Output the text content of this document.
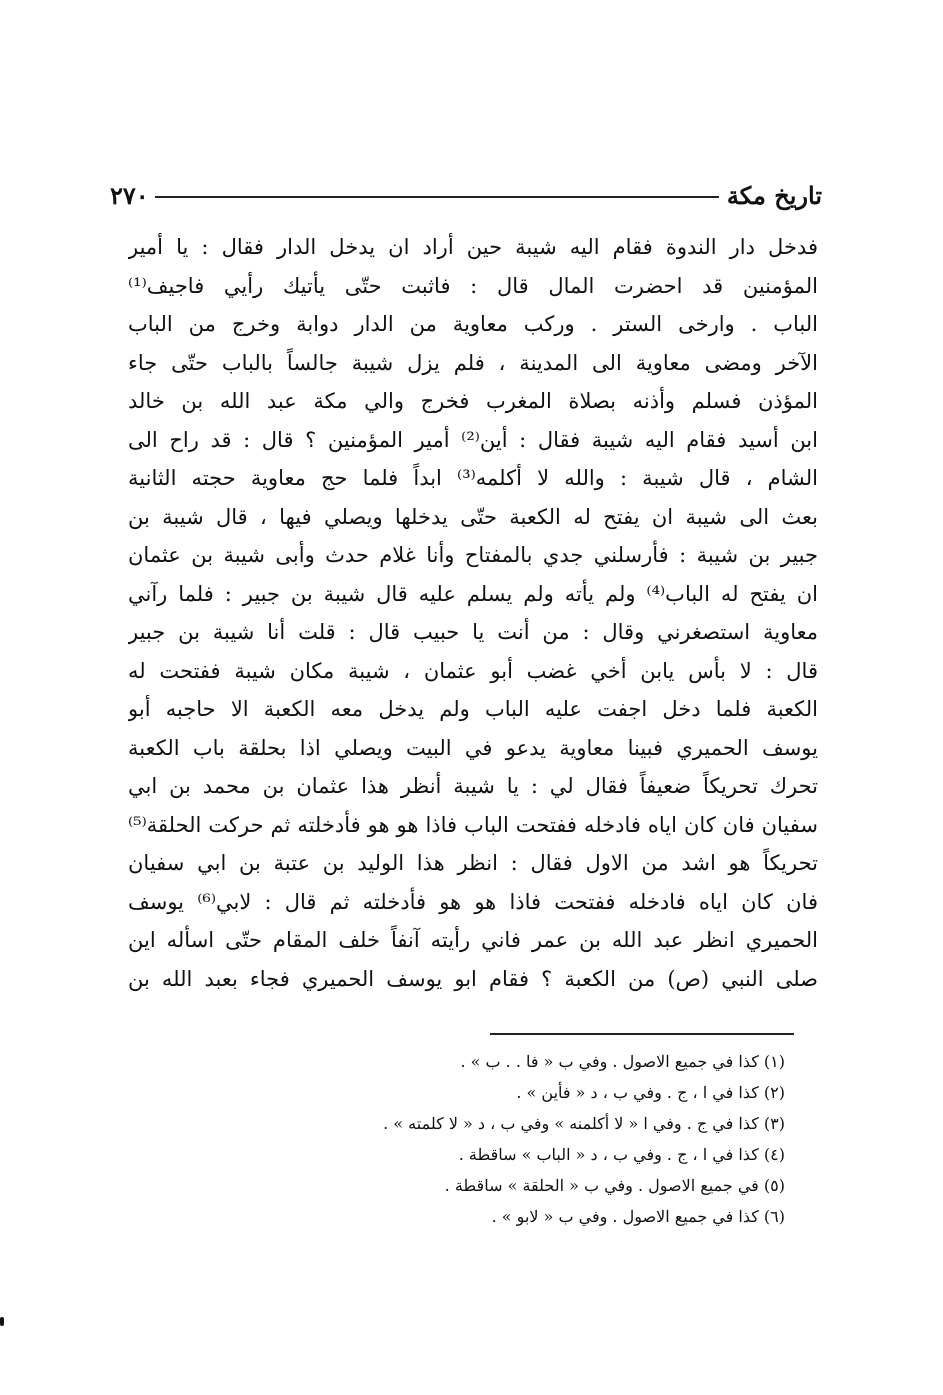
٢٧٠	تاريخ مكة
فدخل دار الندوة فقام اليه شيبة حين أراد ان يدخل الدار فقال : يا أمير
المؤمنين قد احضرت المال قال : فاثبت حتّى يأتيك رأيي فاجيف⁽¹⁾
الباب . وارخى الستر . وركب معاوية من الدار دوابة وخرج من الباب
الآخر ومضى معاوية الى المدينة ، فلم يزل شيبة جالساً بالباب حتّى جاء
المؤذن فسلم وأذنه بصلاة المغرب فخرج والي مكة عبد الله بن خالد
ابن أسيد فقام اليه شيبة فقال : أين⁽²⁾ أمير المؤمنين ؟ قال : قد راح الى
الشام ، قال شيبة : والله لا أكلمه⁽³⁾ ابداً فلما حج معاوية حجته الثانية
بعث الى شيبة ان يفتح له الكعبة حتّى يدخلها ويصلي فيها ، قال شيبة بن
جبير بن شيبة : فأرسلني جدي بالمفتاح وأنا غلام حدث وأبى شيبة بن عثمان
ان يفتح له الباب⁽⁴⁾ ولم يأته ولم يسلم عليه قال شيبة بن جبير : فلما رآني
معاوية استصغرني وقال : من أنت يا حبيب قال : قلت أنا شيبة بن جبير
قال : لا بأس يابن أخي غضب أبو عثمان ، شيبة مكان شيبة ففتحت له
الكعبة فلما دخل اجفت عليه الباب ولم يدخل معه الكعبة الا حاجبه أبو
يوسف الحميري فبينا معاوية يدعو في البيت ويصلي اذا بحلقة باب الكعبة
تحرك تحريكاً ضعيفاً فقال لي : يا شيبة أنظر هذا عثمان بن محمد بن ابي
سفيان فان كان اياه فادخله ففتحت الباب فاذا هو هو فأدخلته ثم حركت الحلقة⁽⁵⁾
تحريكاً هو اشد من الاول فقال : انظر هذا الوليد بن عتبة بن ابي سفيان
فان كان اياه فادخله ففتحت فاذا هو هو فأدخلته ثم قال : لابي⁽⁶⁾ يوسف
الحميري انظر عبد الله بن عمر فاني رأيته آنفاً خلف المقام حتّى اسأله اين
صلى النبي (ص) من الكعبة ؟ فقام ابو يوسف الحميري فجاء بعبد الله بن
(١) كذا في جميع الاصول . وفي ب « فا . . ب » .
(٢) كذا في ا ، ج . وفي ب ، د « فأين » .
(٣) كذا في ج . وفي ا « لا أكلمنه » وفي ب ، د « لا كلمته » .
(٤) كذا في ا ، ج . وفي ب ، د « الباب » ساقطة .
(٥) في جميع الاصول . وفي ب « الحلقة » ساقطة .
(٦) كذا في جميع الاصول . وفي ب « لابو » .
